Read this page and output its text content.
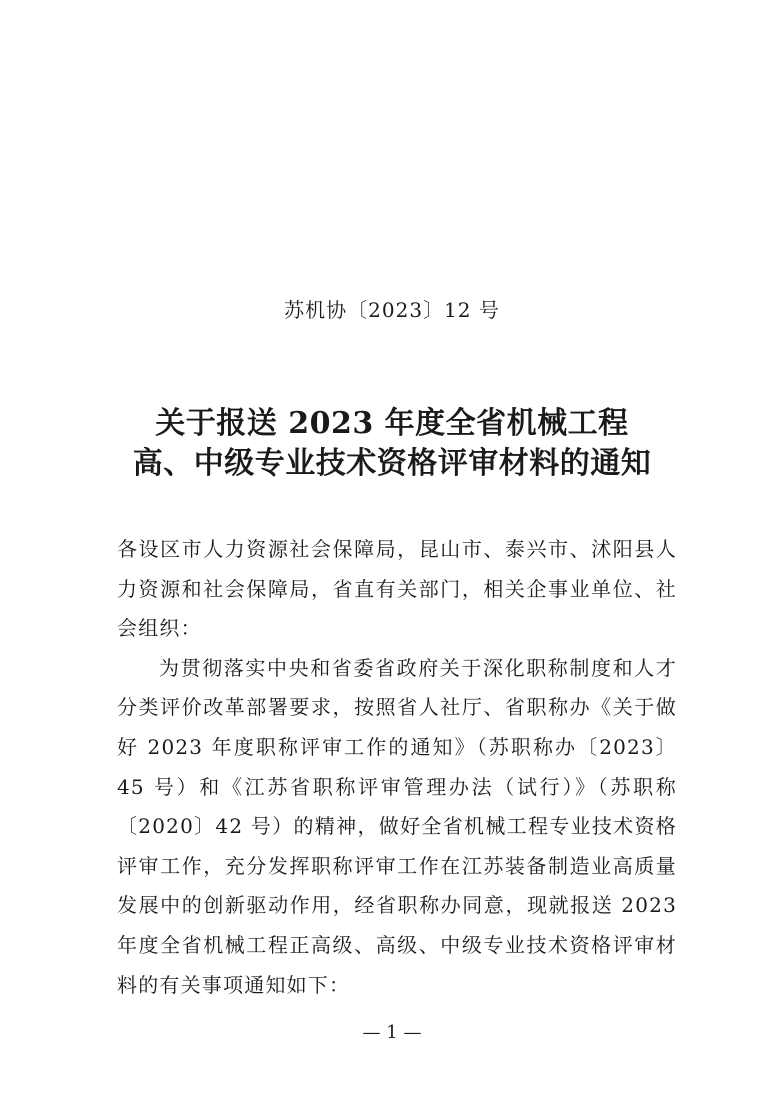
苏机协〔2023〕12 号
关于报送 2023 年度全省机械工程
高、中级专业技术资格评审材料的通知

各设区市人力资源社会保障局，昆山市、泰兴市、沭阳县人力资源和社会保障局，省直有关部门，相关企事业单位、社会组织：

为贯彻落实中央和省委省政府关于深化职称制度和人才分类评价改革部署要求，按照省人社厅、省职称办《关于做好 2023 年度职称评审工作的通知》（苏职称办〔2023〕45 号）和《江苏省职称评审管理办法（试行）》（苏职称〔2020〕42 号）的精神，做好全省机械工程专业技术资格评审工作，充分发挥职称评审工作在江苏装备制造业高质量发展中的创新驱动作用，经省职称办同意，现就报送 2023 年度全省机械工程正高级、高级、中级专业技术资格评审材料的有关事项通知如下：

— 1 —
